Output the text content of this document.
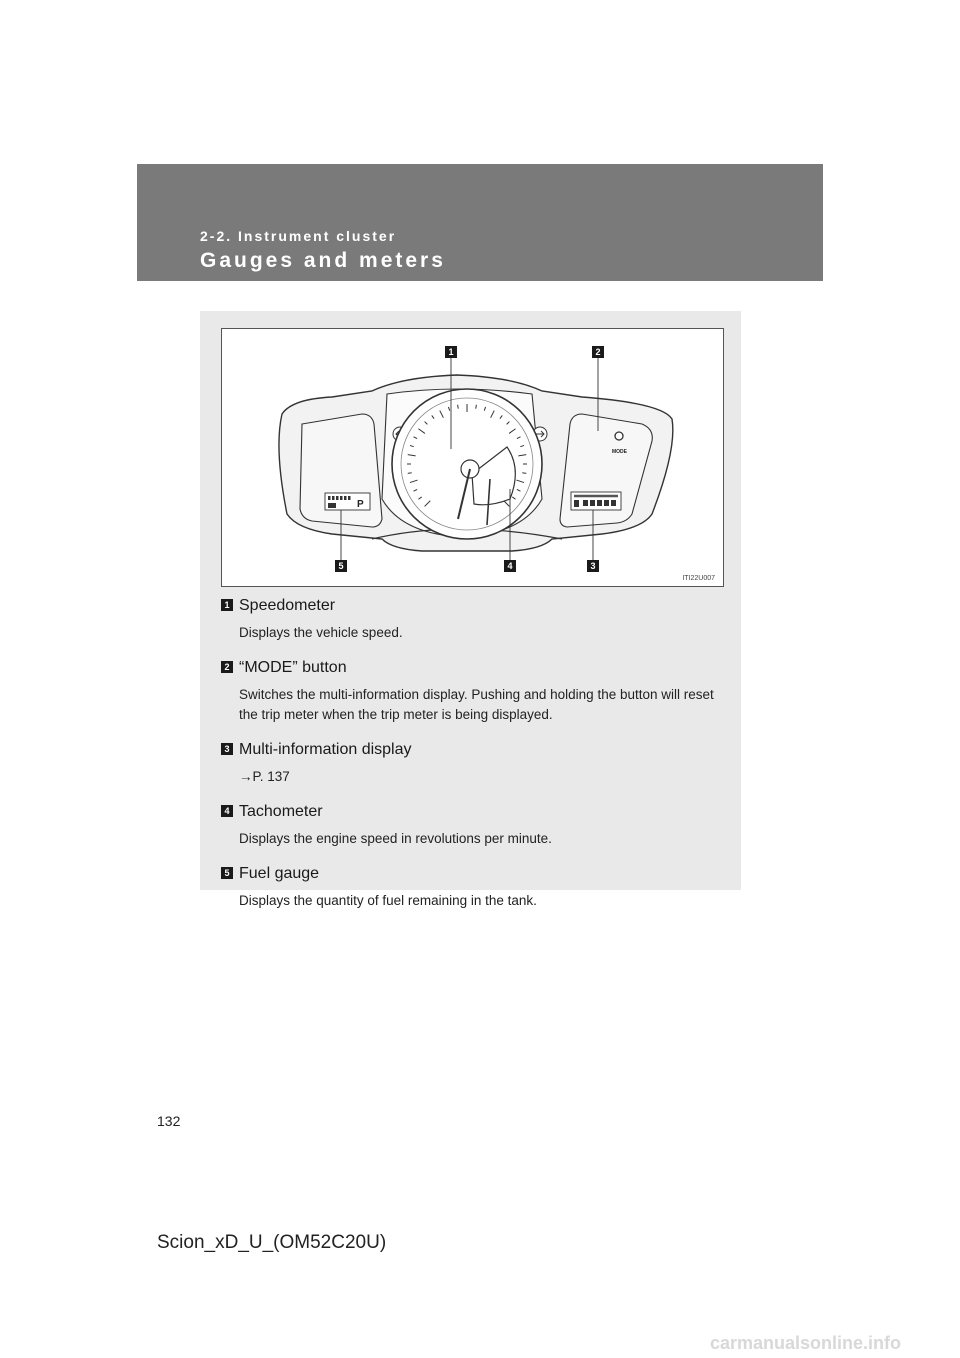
2-2. Instrument cluster
Gauges and meters
MODE
P
1	2
3
4
5
ITI22U007
1 Speedometer
Displays the vehicle speed.
2 “MODE” button
Switches the multi-information display. Pushing and holding the button will reset the trip meter when the trip meter is being displayed.
3 Multi-information display
→P. 137
4 Tachometer
Displays the engine speed in revolutions per minute.
5 Fuel gauge
Displays the quantity of fuel remaining in the tank.
132
Scion_xD_U_(OM52C20U)
carmanualsonline.info
